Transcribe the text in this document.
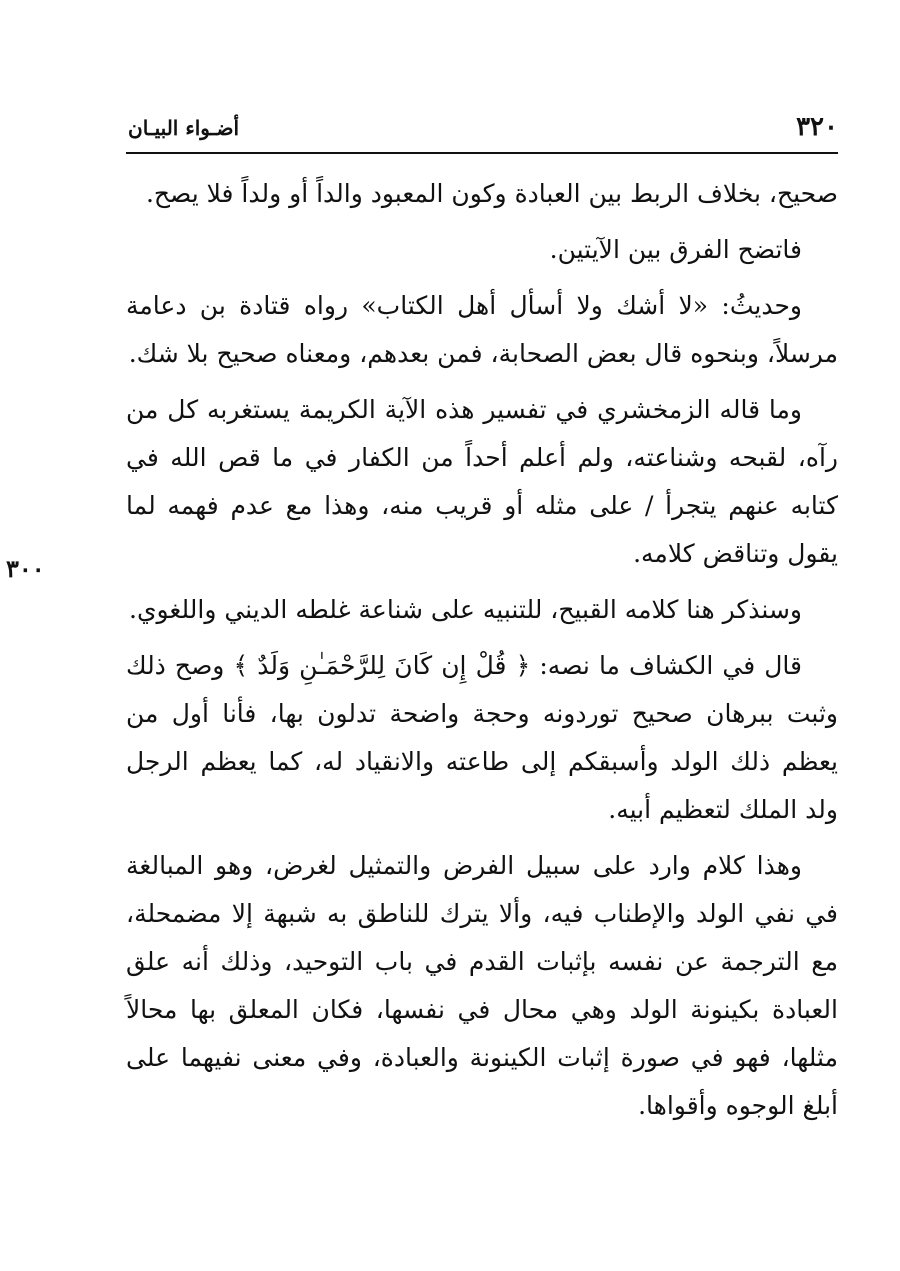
٣٢٠
أضـواء البيـان
٣٠٠

صحيح، بخلاف الربط بين العبادة وكون المعبود والداً أو ولداً فلا يصح.

فاتضح الفرق بين الآيتين.

وحديثُ: «لا أشك ولا أسأل أهل الكتاب» رواه قتادة بن دعامة مرسلاً، وبنحوه قال بعض الصحابة، فمن بعدهم، ومعناه صحيح بلا شك.

وما قاله الزمخشري في تفسير هذه الآية الكريمة يستغربه كل من رآه، لقبحه وشناعته، ولم أعلم أحداً من الكفار في ما قص الله في كتابه عنهم يتجرأ / على مثله أو قريب منه، وهذا مع عدم فهمه لما يقول وتناقض كلامه.

وسنذكر هنا كلامه القبيح، للتنبيه على شناعة غلطه الديني واللغوي.

قال في الكشاف ما نصه: ﴿ قُلْ إِن كَانَ لِلرَّحْمَـٰنِ وَلَدٌ ﴾ وصح ذلك وثبت ببرهان صحيح توردونه وحجة واضحة تدلون بها، فأنا أول من يعظم ذلك الولد وأسبقكم إلى طاعته والانقياد له، كما يعظم الرجل ولد الملك لتعظيم أبيه.

وهذا كلام وارد على سبيل الفرض والتمثيل لغرض، وهو المبالغة في نفي الولد والإطناب فيه، وألا يترك للناطق به شبهة إلا مضمحلة، مع الترجمة عن نفسه بإثبات القدم في باب التوحيد، وذلك أنه علق العبادة بكينونة الولد وهي محال في نفسها، فكان المعلق بها محالاً مثلها، فهو في صورة إثبات الكينونة والعبادة، وفي معنى نفيهما على أبلغ الوجوه وأقواها.
